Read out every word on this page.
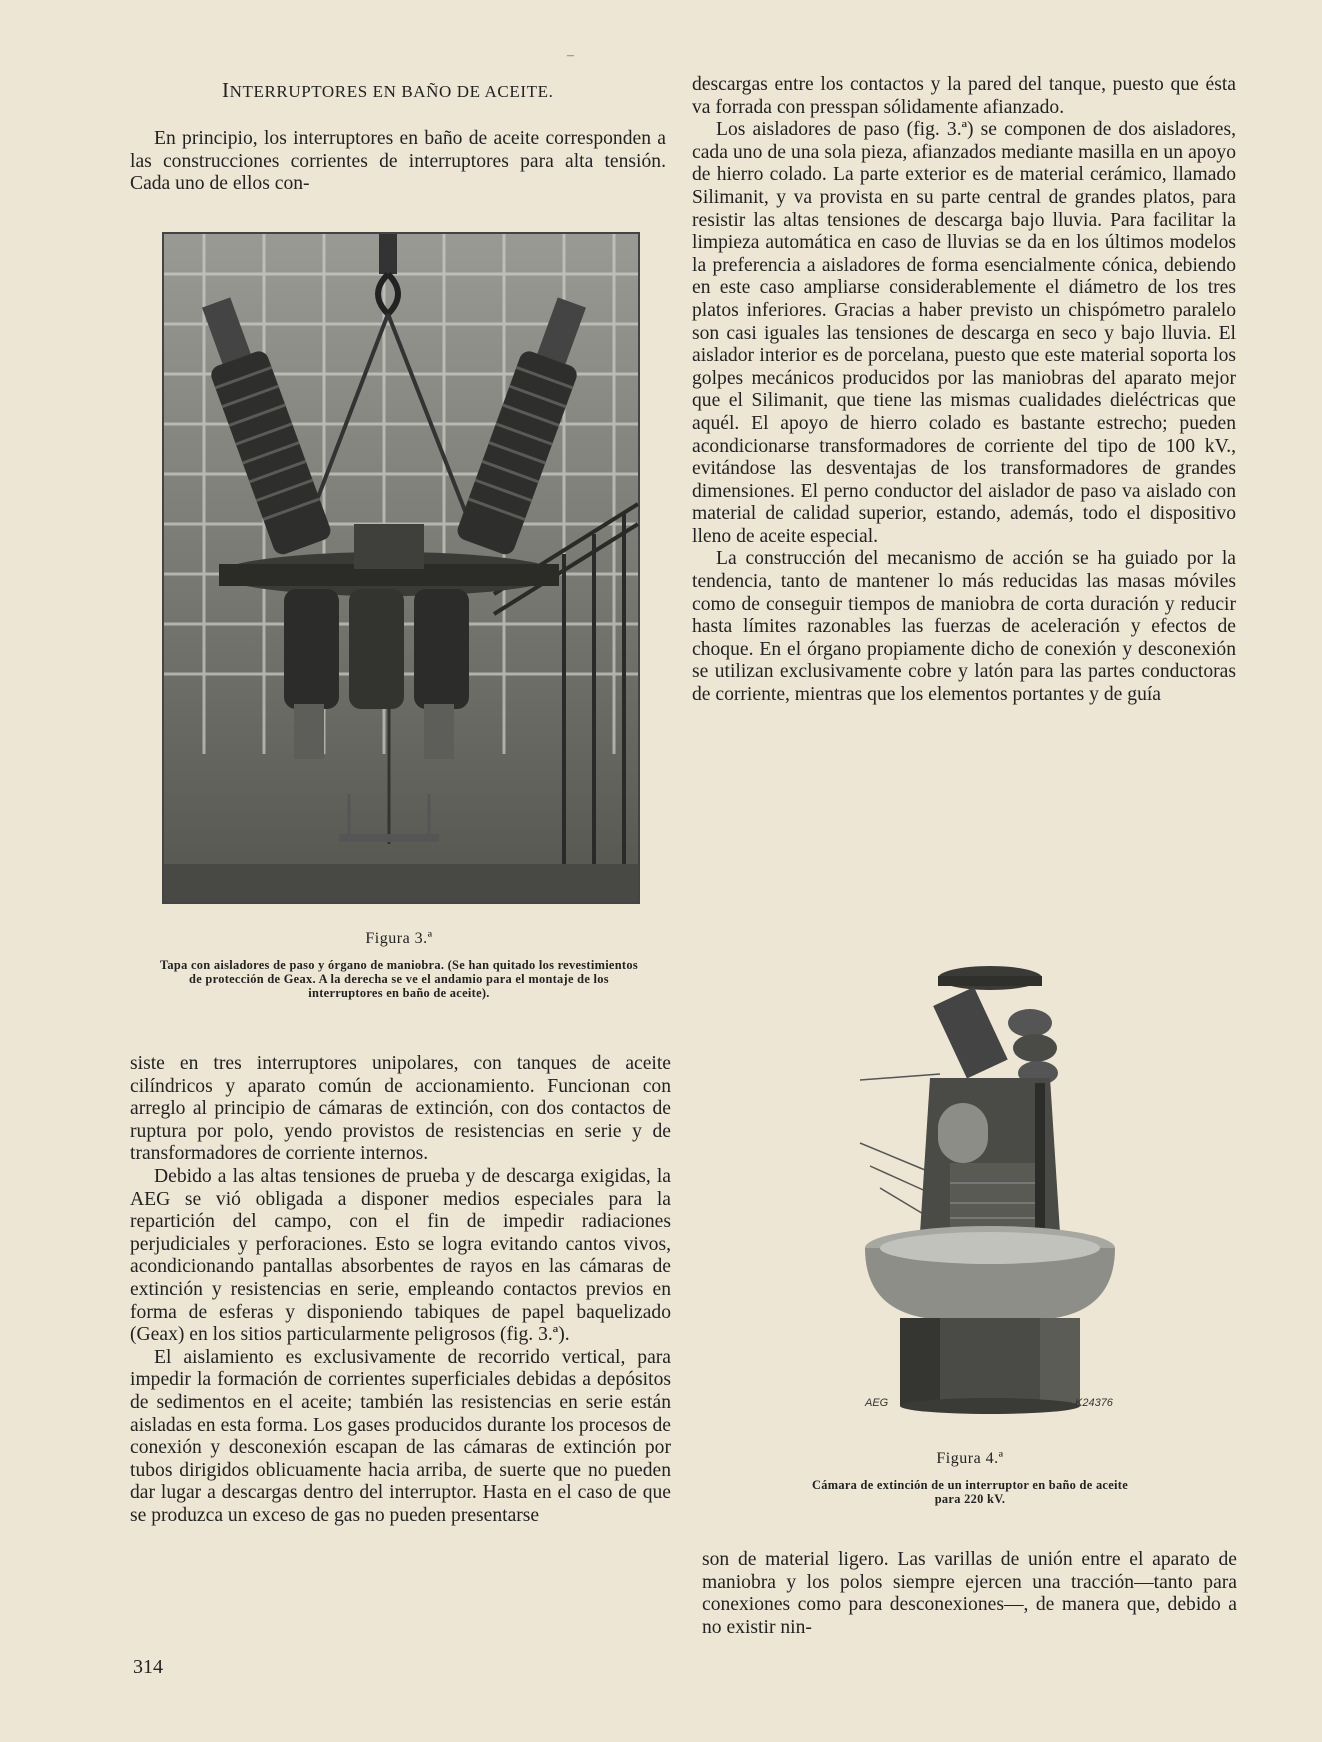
–
INTERRUPTORES EN BAÑO DE ACEITE.

En principio, los interruptores en baño de aceite corresponden a las construcciones corrientes de interruptores para alta tensión. Cada uno de ellos con-

Figura 3.ª
Tapa con aisladores de paso y órgano de maniobra. (Se han quitado los revestimientos de protección de Geax. A la derecha se ve el andamio para el montaje de los interruptores en baño de aceite).

siste en tres interruptores unipolares, con tanques de aceite cilíndricos y aparato común de accionamiento. Funcionan con arreglo al principio de cámaras de extinción, con dos contactos de ruptura por polo, yendo provistos de resistencias en serie y de transformadores de corriente internos.

Debido a las altas tensiones de prueba y de descarga exigidas, la AEG se vió obligada a disponer medios especiales para la repartición del campo, con el fin de impedir radiaciones perjudiciales y perforaciones. Esto se logra evitando cantos vivos, acondicionando pantallas absorbentes de rayos en las cámaras de extinción y resistencias en serie, empleando contactos previos en forma de esferas y disponiendo tabiques de papel baquelizado (Geax) en los sitios particularmente peligrosos (fig. 3.ª).

El aislamiento es exclusivamente de recorrido vertical, para impedir la formación de corrientes superficiales debidas a depósitos de sedimentos en el aceite; también las resistencias en serie están aisladas en esta forma. Los gases producidos durante los procesos de conexión y desconexión escapan de las cámaras de extinción por tubos dirigidos oblicuamente hacia arriba, de suerte que no pueden dar lugar a descargas dentro del interruptor. Hasta en el caso de que se produzca un exceso de gas no pueden presentarse

descargas entre los contactos y la pared del tanque, puesto que ésta va forrada con presspan sólidamente afianzado.

Los aisladores de paso (fig. 3.ª) se componen de dos aisladores, cada uno de una sola pieza, afianzados mediante masilla en un apoyo de hierro colado. La parte exterior es de material cerámico, llamado Silimanit, y va provista en su parte central de grandes platos, para resistir las altas tensiones de descarga bajo lluvia. Para facilitar la limpieza automática en caso de lluvias se da en los últimos modelos la preferencia a aisladores de forma esencialmente cónica, debiendo en este caso ampliarse considerablemente el diámetro de los tres platos inferiores. Gracias a haber previsto un chispómetro paralelo son casi iguales las tensiones de descarga en seco y bajo lluvia. El aislador interior es de porcelana, puesto que este material soporta los golpes mecánicos producidos por las maniobras del aparato mejor que el Silimanit, que tiene las mismas cualidades dieléctricas que aquél. El apoyo de hierro colado es bastante estrecho; pueden acondicionarse transformadores de corriente del tipo de 100 kV., evitándose las desventajas de los transformadores de grandes dimensiones. El perno conductor del aislador de paso va aislado con material de calidad superior, estando, además, todo el dispositivo lleno de aceite especial.

La construcción del mecanismo de acción se ha guiado por la tendencia, tanto de mantener lo más reducidas las masas móviles como de conseguir tiempos de maniobra de corta duración y reducir hasta límites razonables las fuerzas de aceleración y efectos de choque. En el órgano propiamente dicho de conexión y desconexión se utilizan exclusivamente cobre y latón para las partes conductoras de corriente, mientras que los elementos portantes y de guía

AEG	K24376
Figura 4.ª
Cámara de extinción de un interruptor en baño de aceite para 220 kV.

son de material ligero. Las varillas de unión entre el aparato de maniobra y los polos siempre ejercen una tracción—tanto para conexiones como para desconexiones—, de manera que, debido a no existir nin-

314
